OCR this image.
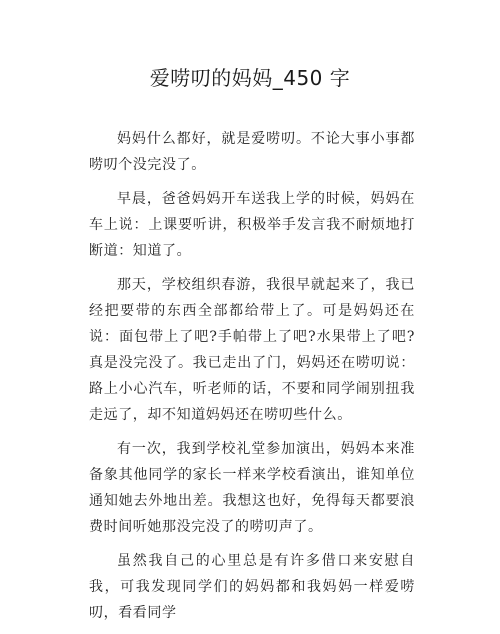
爱唠叨的妈妈_450 字

妈妈什么都好，就是爱唠叨。不论大事小事都唠叨个没完没了。

早晨，爸爸妈妈开车送我上学的时候，妈妈在车上说：上课要听讲，积极举手发言我不耐烦地打断道：知道了。

那天，学校组织春游，我很早就起来了，我已经把要带的东西全部都给带上了。可是妈妈还在说：面包带上了吧?手帕带上了吧?水果带上了吧?真是没完没了。我已走出了门，妈妈还在唠叨说：路上小心汽车，听老师的话，不要和同学闹别扭我走远了，却不知道妈妈还在唠叨些什么。

有一次，我到学校礼堂参加演出，妈妈本来准备象其他同学的家长一样来学校看演出，谁知单位通知她去外地出差。我想这也好，免得每天都要浪费时间听她那没完没了的唠叨声了。

虽然我自己的心里总是有许多借口来安慰自我，可我发现同学们的妈妈都和我妈妈一样爱唠叨，看看同学
